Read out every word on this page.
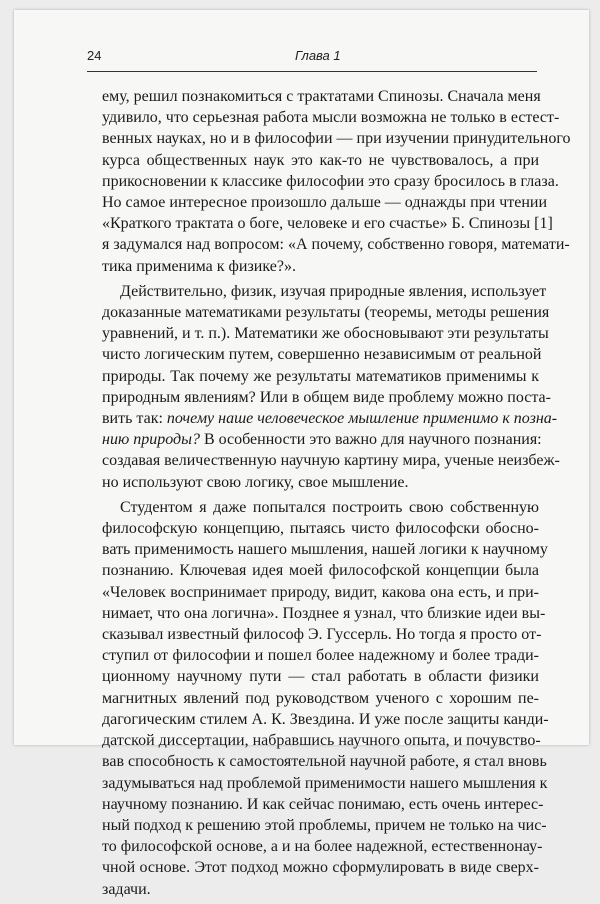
24	Глава 1

ему, решил познакомиться с трактатами Спинозы. Сначала меня
удивило, что серьезная работа мысли возможна не только в естест-
венных науках, но и в философии — при изучении принудительного
курса общественных наук это как-то не чувствовалось, а при
прикосновении к классике философии это сразу бросилось в глаза.
Но самое интересное произошло дальше — однажды при чтении
«Краткого трактата о боге, человеке и его счастье» Б. Спинозы [1]
я задумался над вопросом: «А почему, собственно говоря, математи-
тика применима к физике?».

Действительно, физик, изучая природные явления, использует
доказанные математиками результаты (теоремы, методы решения
уравнений, и т. п.). Математики же обосновывают эти результаты
чисто логическим путем, совершенно независимым от реальной
природы. Так почему же результаты математиков применимы к
природным явлениям? Или в общем виде проблему можно поста-
вить так: почему наше человеческое мышление применимо к позна-
нию природы? В особенности это важно для научного познания:
создавая величественную научную картину мира, ученые неизбеж-
но используют свою логику, свое мышление.

Студентом я даже попытался построить свою собственную
философскую концепцию, пытаясь чисто философски обосно-
вать применимость нашего мышления, нашей логики к научному
познанию. Ключевая идея моей философской концепции была
«Человек воспринимает природу, видит, какова она есть, и при-
нимает, что она логична». Позднее я узнал, что близкие идеи вы-
сказывал известный философ Э. Гуссерль. Но тогда я просто от-
ступил от философии и пошел более надежному и более тради-
ционному научному пути — стал работать в области физики
магнитных явлений под руководством ученого с хорошим пе-
дагогическим стилем А. К. Звездина. И уже после защиты канди-
датской диссертации, набравшись научного опыта, и почувство-
вав способность к самостоятельной научной работе, я стал вновь
задумываться над проблемой применимости нашего мышления к
научному познанию. И как сейчас понимаю, есть очень интерес-
ный подход к решению этой проблемы, причем не только на чис-
то философской основе, а и на более надежной, естественнонау-
чной основе. Этот подход можно сформулировать в виде сверх-
задачи.
